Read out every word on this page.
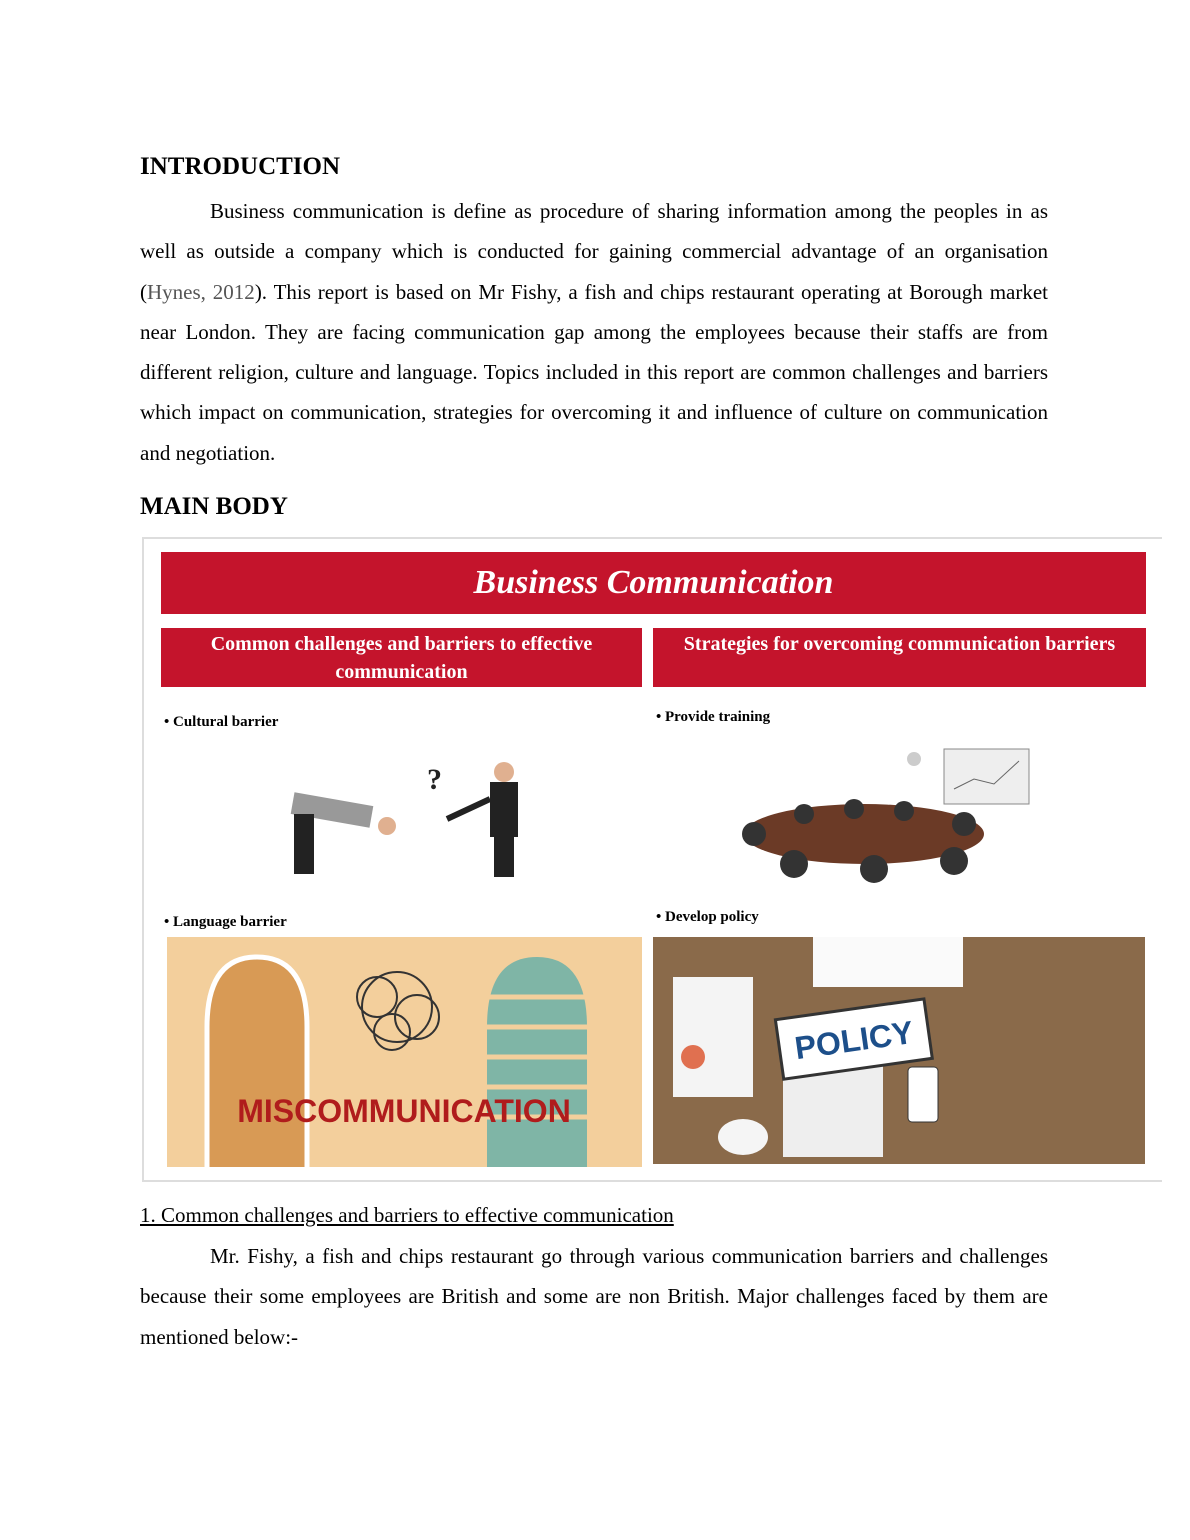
INTRODUCTION

Business communication is define as procedure of sharing information among the peoples in as well as outside a company which is conducted for gaining commercial advantage of an organisation (Hynes, 2012). This report is based on Mr Fishy, a fish and chips restaurant operating at Borough market near London. They are facing communication gap among the employees because their staffs are from different religion, culture and language. Topics included in this report are common challenges and barriers which impact on communication, strategies for overcoming it and influence of culture on communication and negotiation.

MAIN BODY
Business Communication
Common challenges and barriers to effective communication
Strategies for overcoming communication barriers
• Cultural barrier	• Provide training
• Language barrier	• Develop policy
?
MISCOMMUNICATION
POLICY
1. Common challenges and barriers to effective communication

Mr. Fishy, a fish and chips restaurant go through various communication barriers and challenges because their some employees are British and some are non British. Major challenges faced by them are mentioned below:-
